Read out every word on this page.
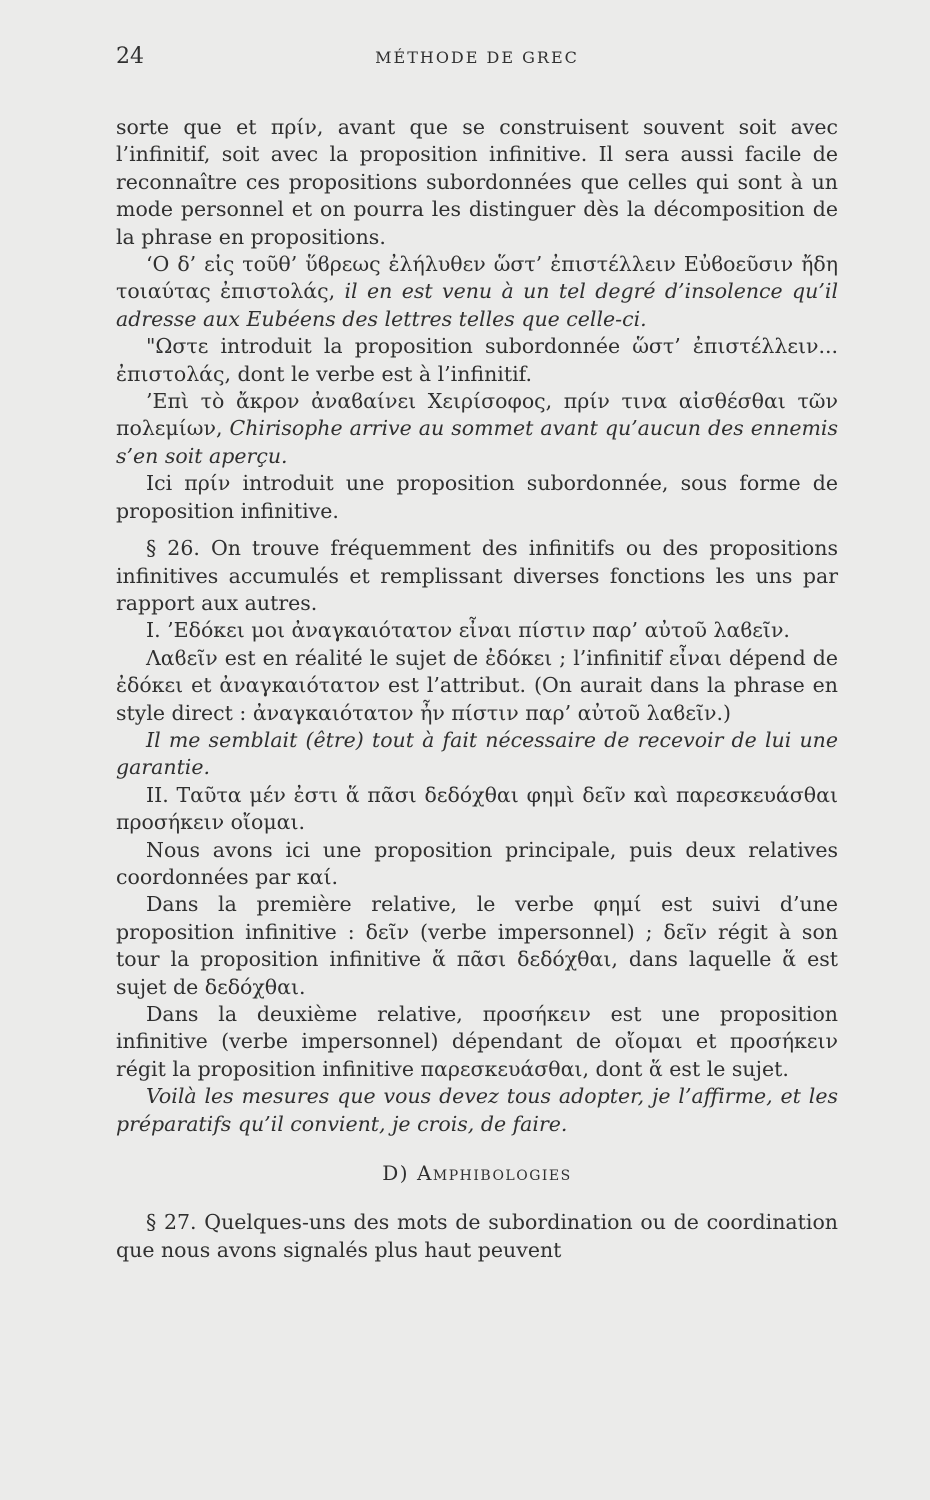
24	MÉTHODE DE GREC

sorte que et πρίν, avant que se construisent souvent soit avec l’infinitif, soit avec la proposition infinitive. Il sera aussi facile de reconnaître ces propositions subordonnées que celles qui sont à un mode personnel et on pourra les distinguer dès la décomposition de la phrase en propositions.

‘Ο δ’ εἰς τοῦθ’ ὕϐρεως ἐλήλυθεν ὥστ’ ἐπιστέλλειν Εὐϐοεῦσιν ἤδη τοιαύτας ἐπιστολάς, il en est venu à un tel degré d’insolence qu’il adresse aux Eubéens des lettres telles que celle-ci.

"Ωστε introduit la proposition subordonnée ὥστ’ ἐπιστέλλειν... ἐπιστολάς, dont le verbe est à l’infinitif.

’Επὶ τὸ ἄκρον ἀναϐαίνει Χειρίσοφος, πρίν τινα αἰσθέσθαι τῶν πολεμίων, Chirisophe arrive au sommet avant qu’aucun des ennemis s’en soit aperçu.

Ici πρίν introduit une proposition subordonnée, sous forme de proposition infinitive.

§ 26. On trouve fréquemment des infinitifs ou des propositions infinitives accumulés et remplissant diverses fonctions les uns par rapport aux autres.

I. ’Εδόκει μοι ἀναγκαιότατον εἶναι πίστιν παρ’ αὐτοῦ λαϐεῖν.

Λαϐεῖν est en réalité le sujet de ἐδόκει ; l’infinitif εἶναι dépend de ἐδόκει et ἀναγκαιότατον est l’attribut. (On aurait dans la phrase en style direct : ἀναγκαιότατον ἦν πίστιν παρ’ αὐτοῦ λαϐεῖν.)

Il me semblait (être) tout à fait nécessaire de recevoir de lui une garantie.

II. Ταῦτα μέν ἐστι ἅ πᾶσι δεδόχθαι φημὶ δεῖν καὶ παρεσκευάσθαι προσήκειν οἴομαι.

Nous avons ici une proposition principale, puis deux relatives coordonnées par καί.

Dans la première relative, le verbe φημί est suivi d’une proposition infinitive : δεῖν (verbe impersonnel) ; δεῖν régit à son tour la proposition infinitive ἅ πᾶσι δεδόχθαι, dans laquelle ἅ est sujet de δεδόχθαι.

Dans la deuxième relative, προσήκειν est une proposition infinitive (verbe impersonnel) dépendant de οἴομαι et προσήκειν régit la proposition infinitive παρεσκευάσθαι, dont ἅ est le sujet.

Voilà les mesures que vous devez tous adopter, je l’affirme, et les préparatifs qu’il convient, je crois, de faire.

D) Amphibologies

§ 27. Quelques-uns des mots de subordination ou de coordination que nous avons signalés plus haut peuvent
